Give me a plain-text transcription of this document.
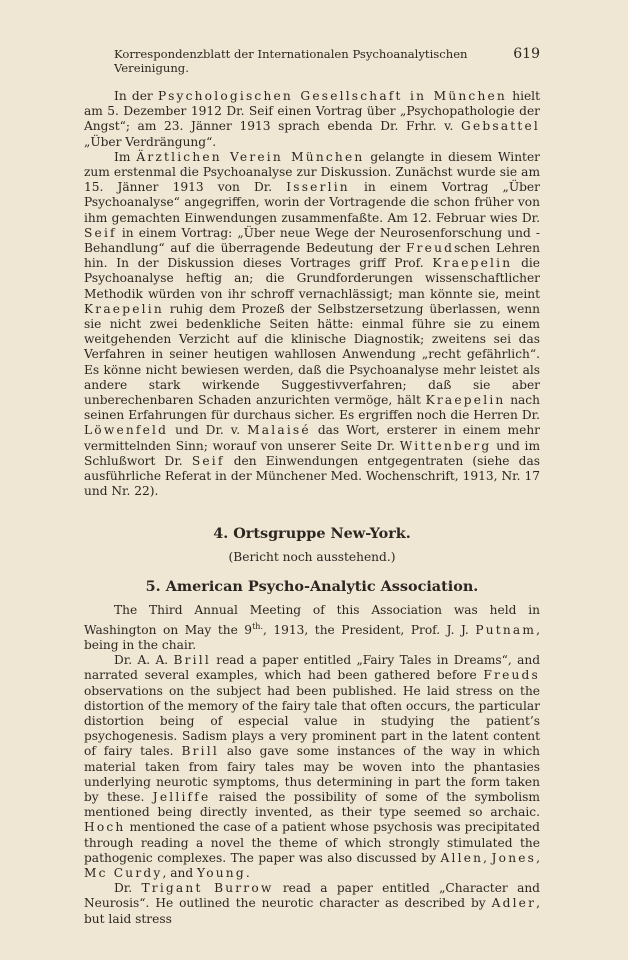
Korrespondenzblatt der Internationalen Psychoanalytischen Vereinigung.
619

In der Psychologischen Gesellschaft in München hielt am 5. Dezember 1912 Dr. Seif einen Vortrag über „Psychopathologie der Angst“; am 23. Jänner 1913 sprach ebenda Dr. Frhr. v. Gebsattel „Über Verdrängung“.

Im Ärztlichen Verein München gelangte in diesem Winter zum erstenmal die Psychoanalyse zur Diskussion. Zunächst wurde sie am 15. Jänner 1913 von Dr. Isserlin in einem Vortrag „Über Psychoanalyse“ angegriffen, worin der Vortragende die schon früher von ihm gemachten Einwendungen zusammenfaßte. Am 12. Februar wies Dr. Seif in einem Vortrag: „Über neue Wege der Neurosenforschung und -Behandlung“ auf die überragende Bedeutung der Freudschen Lehren hin. In der Diskussion dieses Vortrages griff Prof. Kraepelin die Psychoanalyse heftig an; die Grundforderungen wissenschaftlicher Methodik würden von ihr schroff vernachlässigt; man könnte sie, meint Kraepelin ruhig dem Prozeß der Selbstzersetzung überlassen, wenn sie nicht zwei bedenkliche Seiten hätte: einmal führe sie zu einem weitgehenden Verzicht auf die klinische Diagnostik; zweitens sei das Verfahren in seiner heutigen wahllosen Anwendung „recht gefährlich“. Es könne nicht bewiesen werden, daß die Psychoanalyse mehr leistet als andere stark wirkende Suggestivverfahren; daß sie aber unberechenbaren Schaden anzurichten vermöge, hält Kraepelin nach seinen Erfahrungen für durchaus sicher. Es ergriffen noch die Herren Dr. Löwenfeld und Dr. v. Malaisé das Wort, ersterer in einem mehr vermittelnden Sinn; worauf von unserer Seite Dr. Wittenberg und im Schlußwort Dr. Seif den Einwendungen entgegentraten (siehe das ausführliche Referat in der Münchener Med. Wochenschrift, 1913, Nr. 17 und Nr. 22).

4. Ortsgruppe New-York.
(Bericht noch ausstehend.)
5. American Psycho-Analytic Association.

The Third Annual Meeting of this Association was held in Washington on May the $9^{th.}$, 1913, the President, Prof. J. J. Putnam, being in the chair.

Dr. A. A. Brill read a paper entitled „Fairy Tales in Dreams“, and narrated several examples, which had been gathered before Freuds observations on the subject had been published. He laid stress on the distortion of the memory of the fairy tale that often occurs, the particular distortion being of especial value in studying the patient’s psychogenesis. Sadism plays a very prominent part in the latent content of fairy tales. Brill also gave some instances of the way in which material taken from fairy tales may be woven into the phantasies underlying neurotic symptoms, thus determining in part the form taken by these. Jelliffe raised the possibility of some of the symbolism mentioned being directly invented, as their type seemed so archaic. Hoch mentioned the case of a patient whose psychosis was precipitated through reading a novel the theme of which strongly stimulated the pathogenic complexes. The paper was also discussed by Allen, Jones, Mc Curdy, and Young.

Dr. Trigant Burrow read a paper entitled „Character and Neurosis“. He outlined the neurotic character as described by Adler, but laid stress
